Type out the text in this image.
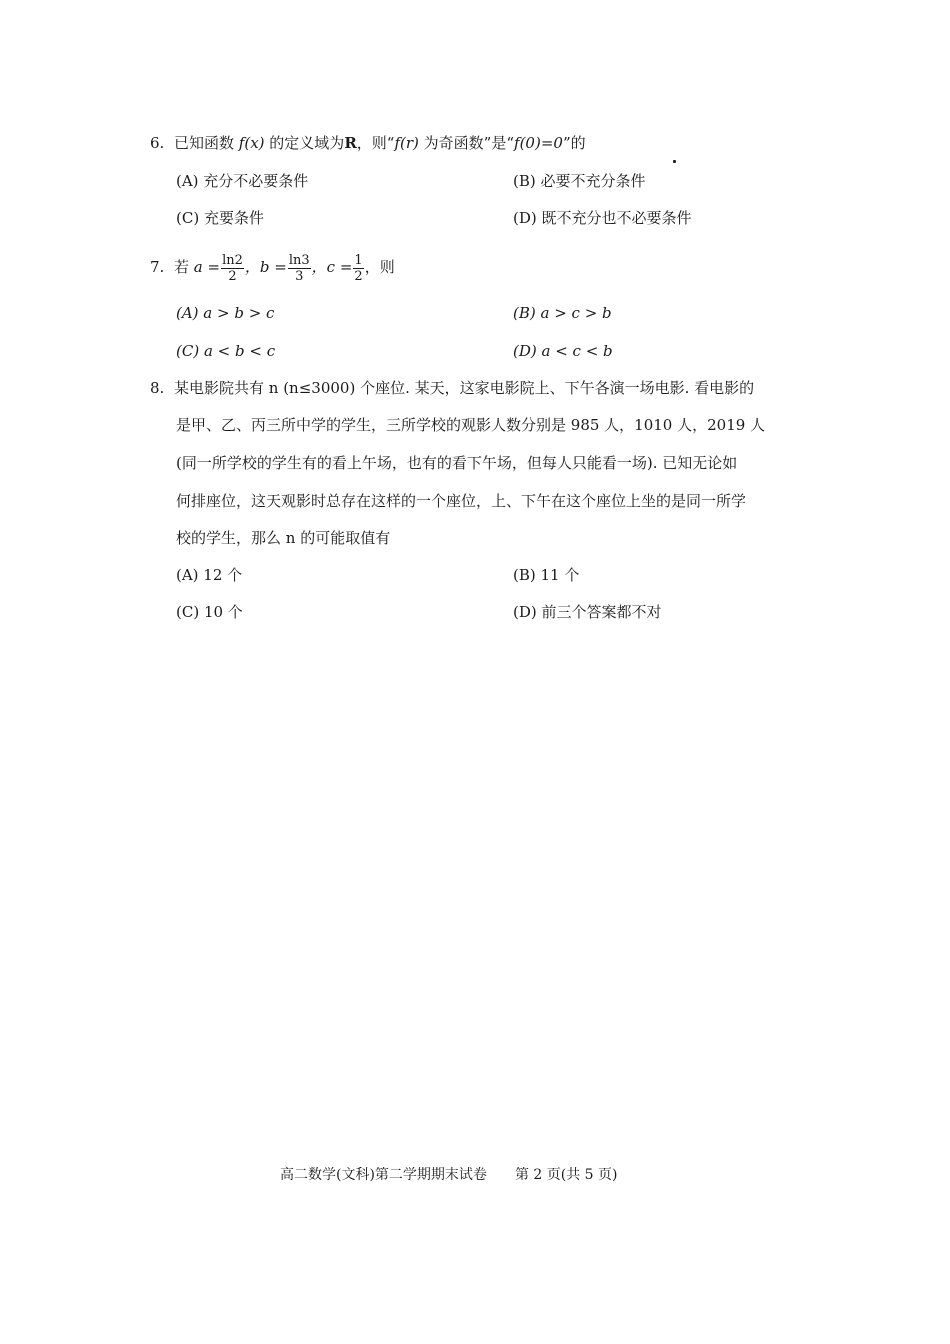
6. 已知函数 f(x) 的定义域为R，则“f(r) 为奇函数”是“f(0)=0”的
(A) 充分不必要条件	(B) 必要不充分条件
(C) 充要条件	(D) 既不充分也不必要条件
7. 若 $a = \frac{\ln 2}{2}$ ，$b = \frac{\ln 3}{3}$ ，$c = \frac{1}{2}$ ，则
(A) a > b > c	(B) a > c > b
(C) a < b < c	(D) a < c < b
8. 某电影院共有 n (n≤3000) 个座位. 某天，这家电影院上、下午各演一场电影. 看电影的
是甲、乙、丙三所中学的学生，三所学校的观影人数分别是 985 人，1010 人，2019 人
(同一所学校的学生有的看上午场，也有的看下午场，但每人只能看一场). 已知无论如
何排座位，这天观影时总存在这样的一个座位，上、下午在这个座位上坐的是同一所学
校的学生，那么 n 的可能取值有
(A) 12 个	(B) 11 个
(C) 10 个	(D) 前三个答案都不对
高二数学(文科)第二学期期末试卷 第 2 页(共 5 页)
